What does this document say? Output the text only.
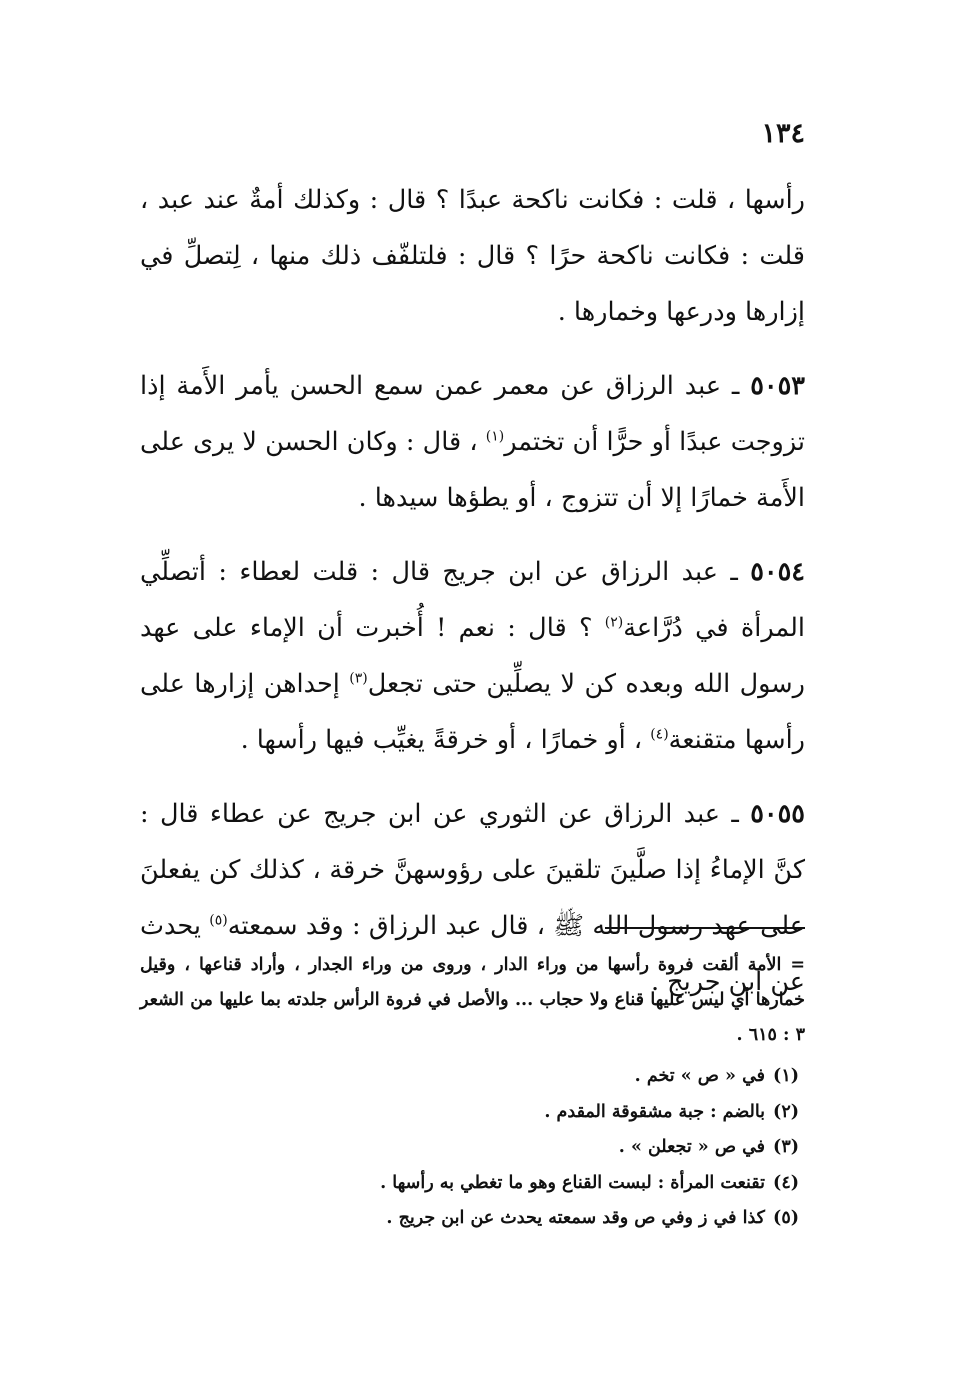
١٣٤

رأسها ، قلت : فكانت ناكحة عبدًا ؟ قال : وكذلك أمةٌ عند عبد ، قلت : فكانت ناكحة حرًا ؟ قال : فلتلفّف ذلك منها ، لِتصلِّ في إزارها ودرعها وخمارها .

٥٠٥٣ ـ عبد الرزاق عن معمر عمن سمع الحسن يأمر الأَمة إذا تزوجت عبدًا أو حرًّا أن تختمر$^{(١)}$ ، قال : وكان الحسن لا يرى على الأَمة خمارًا إلا أن تتزوج ، أو يطؤها سيدها .

٥٠٥٤ ـ عبد الرزاق عن ابن جريج قال : قلت لعطاء : أتصلِّي المرأة في دُرَّاعة$^{(٢)}$ ؟ قال : نعم ! أُخبرت أن الإماء على عهد رسول الله وبعده كن لا يصلِّين حتى تجعل$^{(٣)}$ إحداهن إزارها على رأسها متقنعة$^{(٤)}$ ، أو خمارًا ، أو خرقةً يغيِّب فيها رأسها .

٥٠٥٥ ـ عبد الرزاق عن الثوري عن ابن جريج عن عطاء قال : كنَّ الإماءُ إذا صلَّينَ تلقينَ على رؤوسهنَّ خرقة ، كذلك كن يفعلنَ على عهد رسول الله ﷺ ، قال عبد الرزاق : وقد سمعته$^{(٥)}$ يحدث عن ابن جريج .

= الأمة ألقت فروة رأسها من وراء الدار ، وروى من وراء الجدار ، وأراد قناعها ، وقيل خمارها أي ليس عليها قناع ولا حجاب ... والأصل في فروة الرأس جلدته بما عليها من الشعر ٣ : ٦١٥ .

(١)في « ص » تخم .

(٢)بالضم : جبة مشقوقة المقدم .

(٣)في ص « تجعلن » .

(٤)تقنعت المرأة : لبست القناع وهو ما تغطي به رأسها .

(٥)كذا في ز وفي ص وقد سمعته يحدث عن ابن جريج .
